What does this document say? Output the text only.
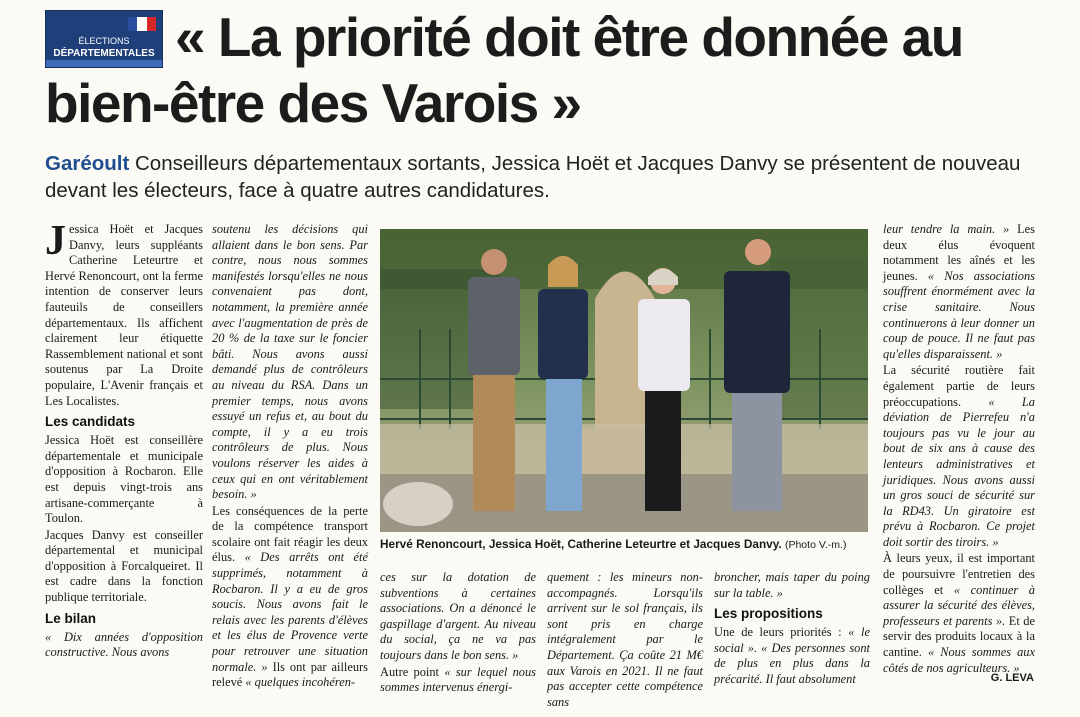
ÉLECTIONS
DÉPARTEMENTALES « La priorité doit être donnée au bien-être des Varois »
Garéoult Conseilleurs départementaux sortants, Jessica Hoët et Jacques Danvy se présentent de nouveau devant les électeurs, face à quatre autres candidatures.

Jessica Hoët et Jacques Danvy, leurs suppléants Catherine Leteurtre et Hervé Renoncourt, ont la ferme intention de conserver leurs fauteuils de conseillers départementaux. Ils affichent clairement leur étiquette Rassemblement national et sont soutenus par La Droite populaire, L'Avenir français et Les Localistes.

Les candidats

Jessica Hoët est conseillère départementale et municipale d'opposition à Rocbaron. Elle est depuis vingt-trois ans artisane-commerçante à Toulon.

Jacques Danvy est conseiller départemental et municipal d'opposition à Forcalqueiret. Il est cadre dans la fonction publique territoriale.

Le bilan

« Dix années d'opposition constructive. Nous avons

soutenu les décisions qui allaient dans le bon sens. Par contre, nous nous sommes manifestés lorsqu'elles ne nous convenaient pas dont, notamment, la première année avec l'augmentation de près de 20 % de la taxe sur le foncier bâti. Nous avons aussi demandé plus de contrôleurs au niveau du RSA. Dans un premier temps, nous avons essuyé un refus et, au bout du compte, il y a eu trois contrôleurs de plus. Nous voulons réserver les aides à ceux qui en ont véritablement besoin. »

Les conséquences de la perte de la compétence transport scolaire ont fait réagir les deux élus. « Des arrêts ont été supprimés, notamment à Rocbaron. Il y a eu de gros soucis. Nous avons fait le relais avec les parents d'élèves et les élus de Provence verte pour retrouver une situation normale. » Ils ont par ailleurs relevé « quelques incohéren-

Hervé Renoncourt, Jessica Hoët, Catherine Leteurtre et Jacques Danvy. (Photo V.-m.)

ces sur la dotation de subventions à certaines associations. On a dénoncé le gaspillage d'argent. Au niveau du social, ça ne va pas toujours dans le bon sens. »

Autre point « sur lequel nous sommes intervenus énergi-

quement : les mineurs non-accompagnés. Lorsqu'ils arrivent sur le sol français, ils sont pris en charge intégralement par le Département. Ça coûte 21 M€ aux Varois en 2021. Il ne faut pas accepter cette compétence sans

broncher, mais taper du poing sur la table. »

Les propositions

Une de leurs priorités : « le social ». « Des personnes sont de plus en plus dans la précarité. Il faut absolument

leur tendre la main. » Les deux élus évoquent notamment les aînés et les jeunes. « Nos associations souffrent énormément avec la crise sanitaire. Nous continuerons à leur donner un coup de pouce. Il ne faut pas qu'elles disparaissent. »

La sécurité routière fait également partie de leurs préoccupations. « La déviation de Pierrefeu n'a toujours pas vu le jour au bout de six ans à cause des lenteurs administratives et juridiques. Nous avons aussi un gros souci de sécurité sur la RD43. Un giratoire est prévu à Rocbaron. Ce projet doit sortir des tiroirs. »

À leurs yeux, il est important de poursuivre l'entretien des collèges et « continuer à assurer la sécurité des élèves, professeurs et parents ». Et de servir des produits locaux à la cantine. « Nous sommes aux côtés de nos agriculteurs. »

G. LEVA
